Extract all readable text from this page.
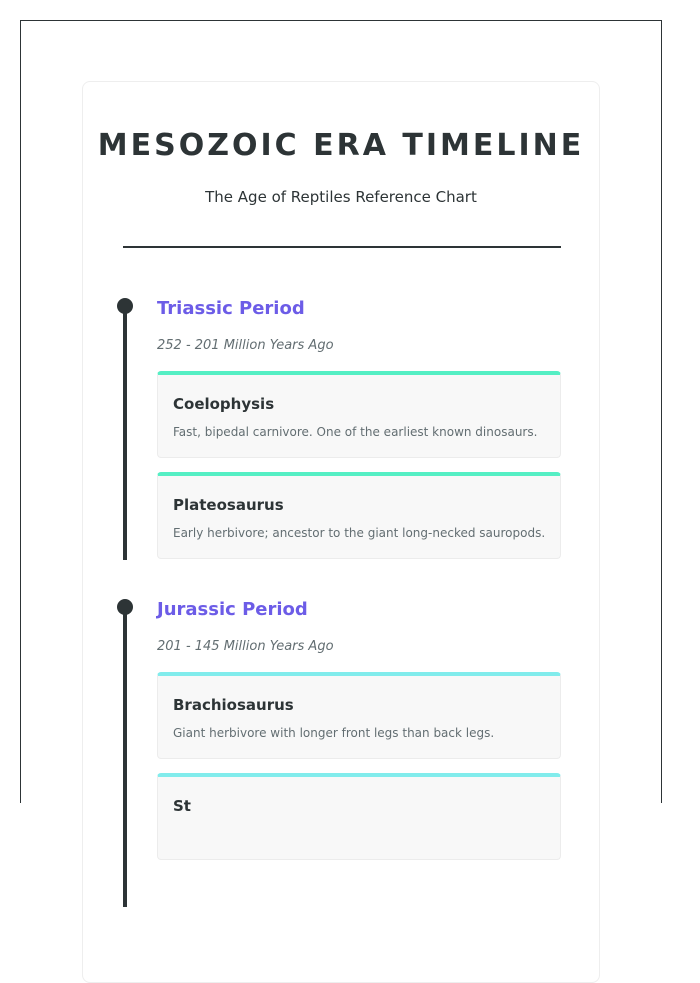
MESOZOIC ERA TIMELINE

The Age of Reptiles Reference Chart

Triassic Period
252 - 201 Million Years Ago
Coelophysis

Fast, bipedal carnivore. One of the earliest known dinosaurs.

Plateosaurus

Early herbivore; ancestor to the giant long-necked sauropods.

Jurassic Period
201 - 145 Million Years Ago
Brachiosaurus

Giant herbivore with longer front legs than back legs.

St
